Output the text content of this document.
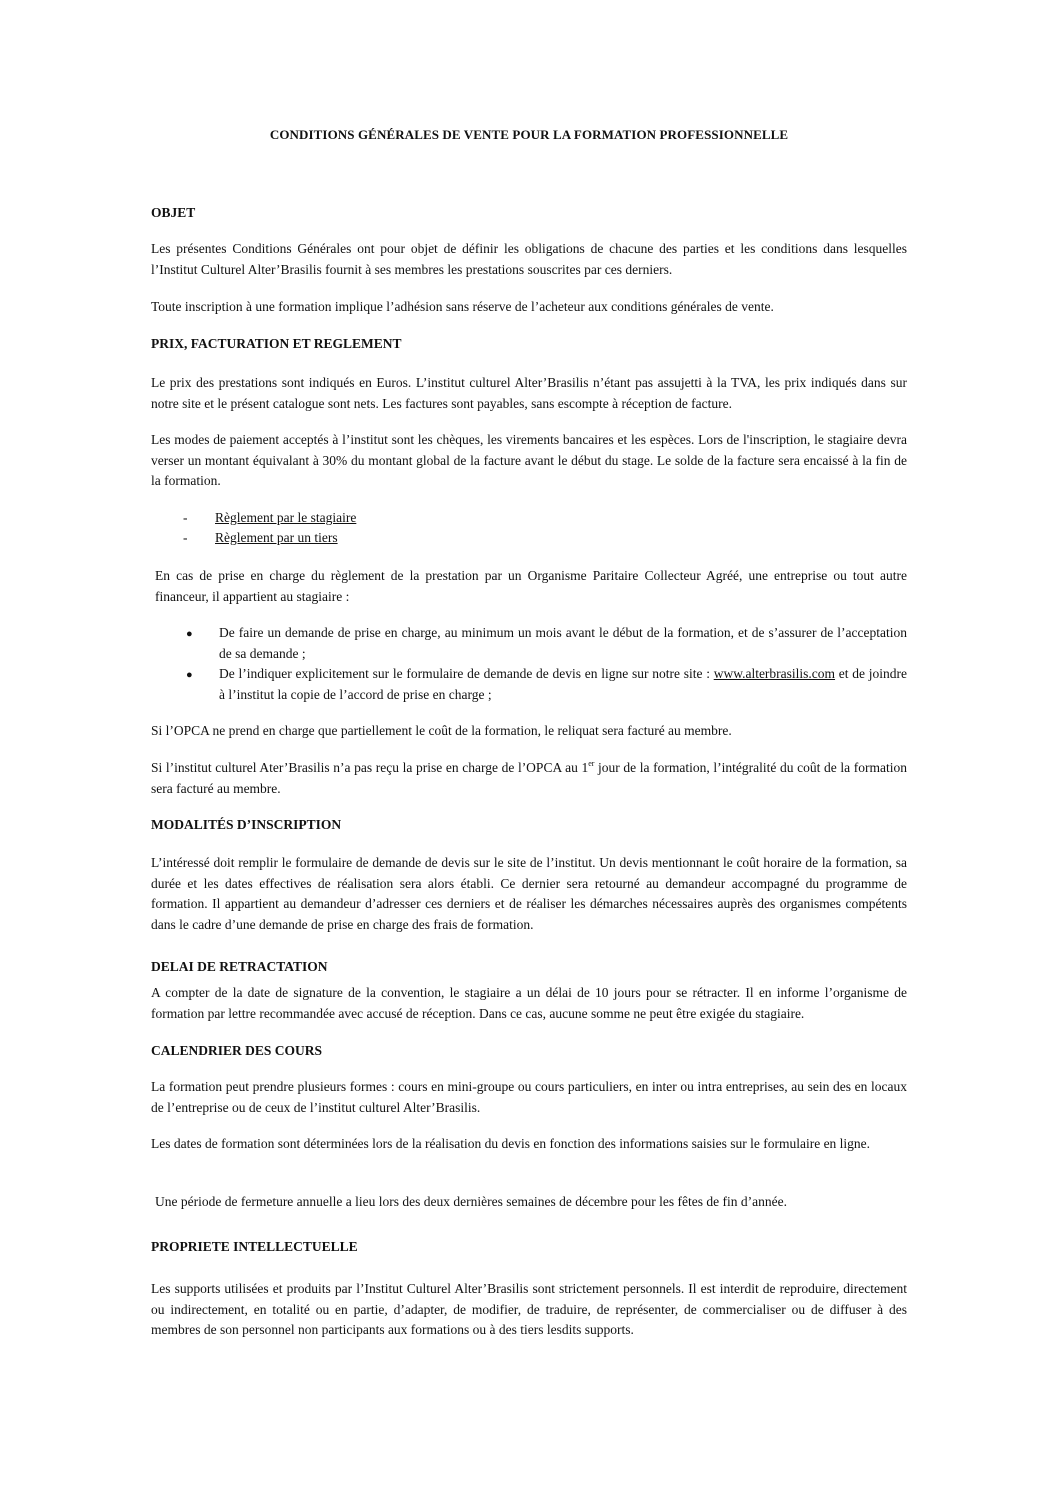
CONDITIONS GÉNÉRALES DE VENTE POUR LA FORMATION PROFESSIONNELLE
OBJET

Les présentes Conditions Générales ont pour objet de définir les obligations de chacune des parties et les conditions dans lesquelles l’Institut Culturel Alter’Brasilis fournit à ses membres les prestations souscrites par ces derniers.

Toute inscription à une formation implique l’adhésion sans réserve de l’acheteur aux conditions générales de vente.

PRIX, FACTURATION ET REGLEMENT

Le prix des prestations sont indiqués en Euros. L’institut culturel Alter’Brasilis n’étant pas assujetti à la TVA, les prix indiqués dans sur notre site et le présent catalogue sont nets. Les factures sont payables, sans escompte à réception de facture.

Les modes de paiement acceptés à l’institut sont les chèques, les virements bancaires et les espèces. Lors de l'inscription, le stagiaire devra verser un montant équivalant à 30% du montant global de la facture avant le début du stage. Le solde de la facture sera encaissé à la fin de la formation.

- Règlement par le stagiaire
- Règlement par un tiers

En cas de prise en charge du règlement de la prestation par un Organisme Paritaire Collecteur Agréé, une entreprise ou tout autre financeur, il appartient au stagiaire :

● De faire un demande de prise en charge, au minimum un mois avant le début de la formation, et de s’assurer de l’acceptation de sa demande ;

● De l’indiquer explicitement sur le formulaire de demande de devis en ligne sur notre site : www.alterbrasilis.com et de joindre à l’institut la copie de l’accord de prise en charge ;

Si l’OPCA ne prend en charge que partiellement le coût de la formation, le reliquat sera facturé au membre.

Si l’institut culturel Ater’Brasilis n’a pas reçu la prise en charge de l’OPCA au 1er jour de la formation, l’intégralité du coût de la formation sera facturé au membre.

MODALITÉS D’INSCRIPTION

L’intéressé doit remplir le formulaire de demande de devis sur le site de l’institut. Un devis mentionnant le coût horaire de la formation, sa durée et les dates effectives de réalisation sera alors établi. Ce dernier sera retourné au demandeur accompagné du programme de formation. Il appartient au demandeur d’adresser ces derniers et de réaliser les démarches nécessaires auprès des organismes compétents dans le cadre d’une demande de prise en charge des frais de formation.

DELAI DE RETRACTATION

A compter de la date de signature de la convention, le stagiaire a un délai de 10 jours pour se rétracter. Il en informe l’organisme de formation par lettre recommandée avec accusé de réception. Dans ce cas, aucune somme ne peut être exigée du stagiaire.

CALENDRIER DES COURS

La formation peut prendre plusieurs formes : cours en mini-groupe ou cours particuliers, en inter ou intra entreprises, au sein des en locaux de l’entreprise ou de ceux de l’institut culturel Alter’Brasilis.

Les dates de formation sont déterminées lors de la réalisation du devis en fonction des informations saisies sur le formulaire en ligne.

Une période de fermeture annuelle a lieu lors des deux dernières semaines de décembre pour les fêtes de fin d’année.

PROPRIETE INTELLECTUELLE

Les supports utilisées et produits par l’Institut Culturel Alter’Brasilis sont strictement personnels. Il est interdit de reproduire, directement ou indirectement, en totalité ou en partie, d’adapter, de modifier, de traduire, de représenter, de commercialiser ou de diffuser à des membres de son personnel non participants aux formations ou à des tiers lesdits supports.
